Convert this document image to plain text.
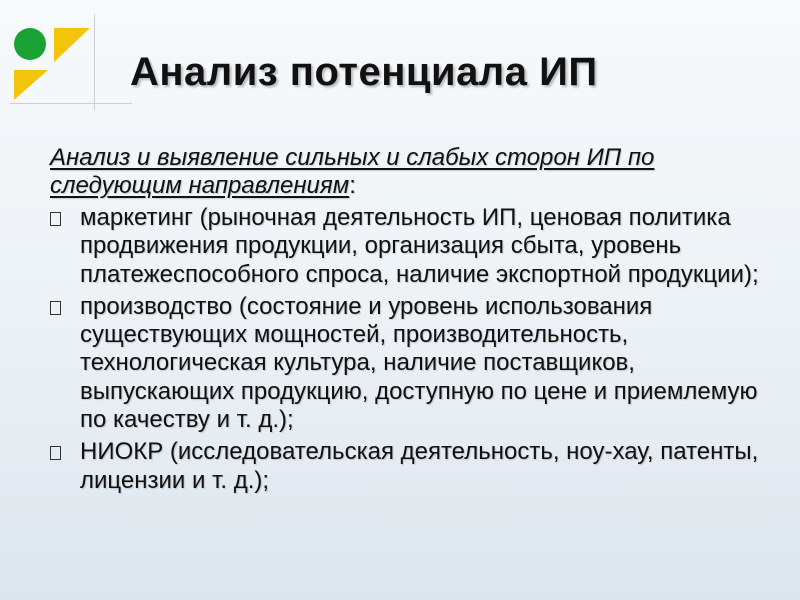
Анализ потенциала ИП
Анализ и выявление сильных и слабых сторон ИП по следующим направлениям:
маркетинг (рыночная деятельность ИП, ценовая политика продвижения продукции, организация сбыта, уровень платежеспособного спроса, наличие экспортной продукции);
производство (состояние и уровень использования существующих мощностей, производительность, технологическая культура, наличие поставщиков, выпускающих продукцию, доступную по цене и приемлемую по качеству и т. д.);
НИОКР (исследовательская деятельность, ноу-хау, патенты, лицензии и т. д.);
